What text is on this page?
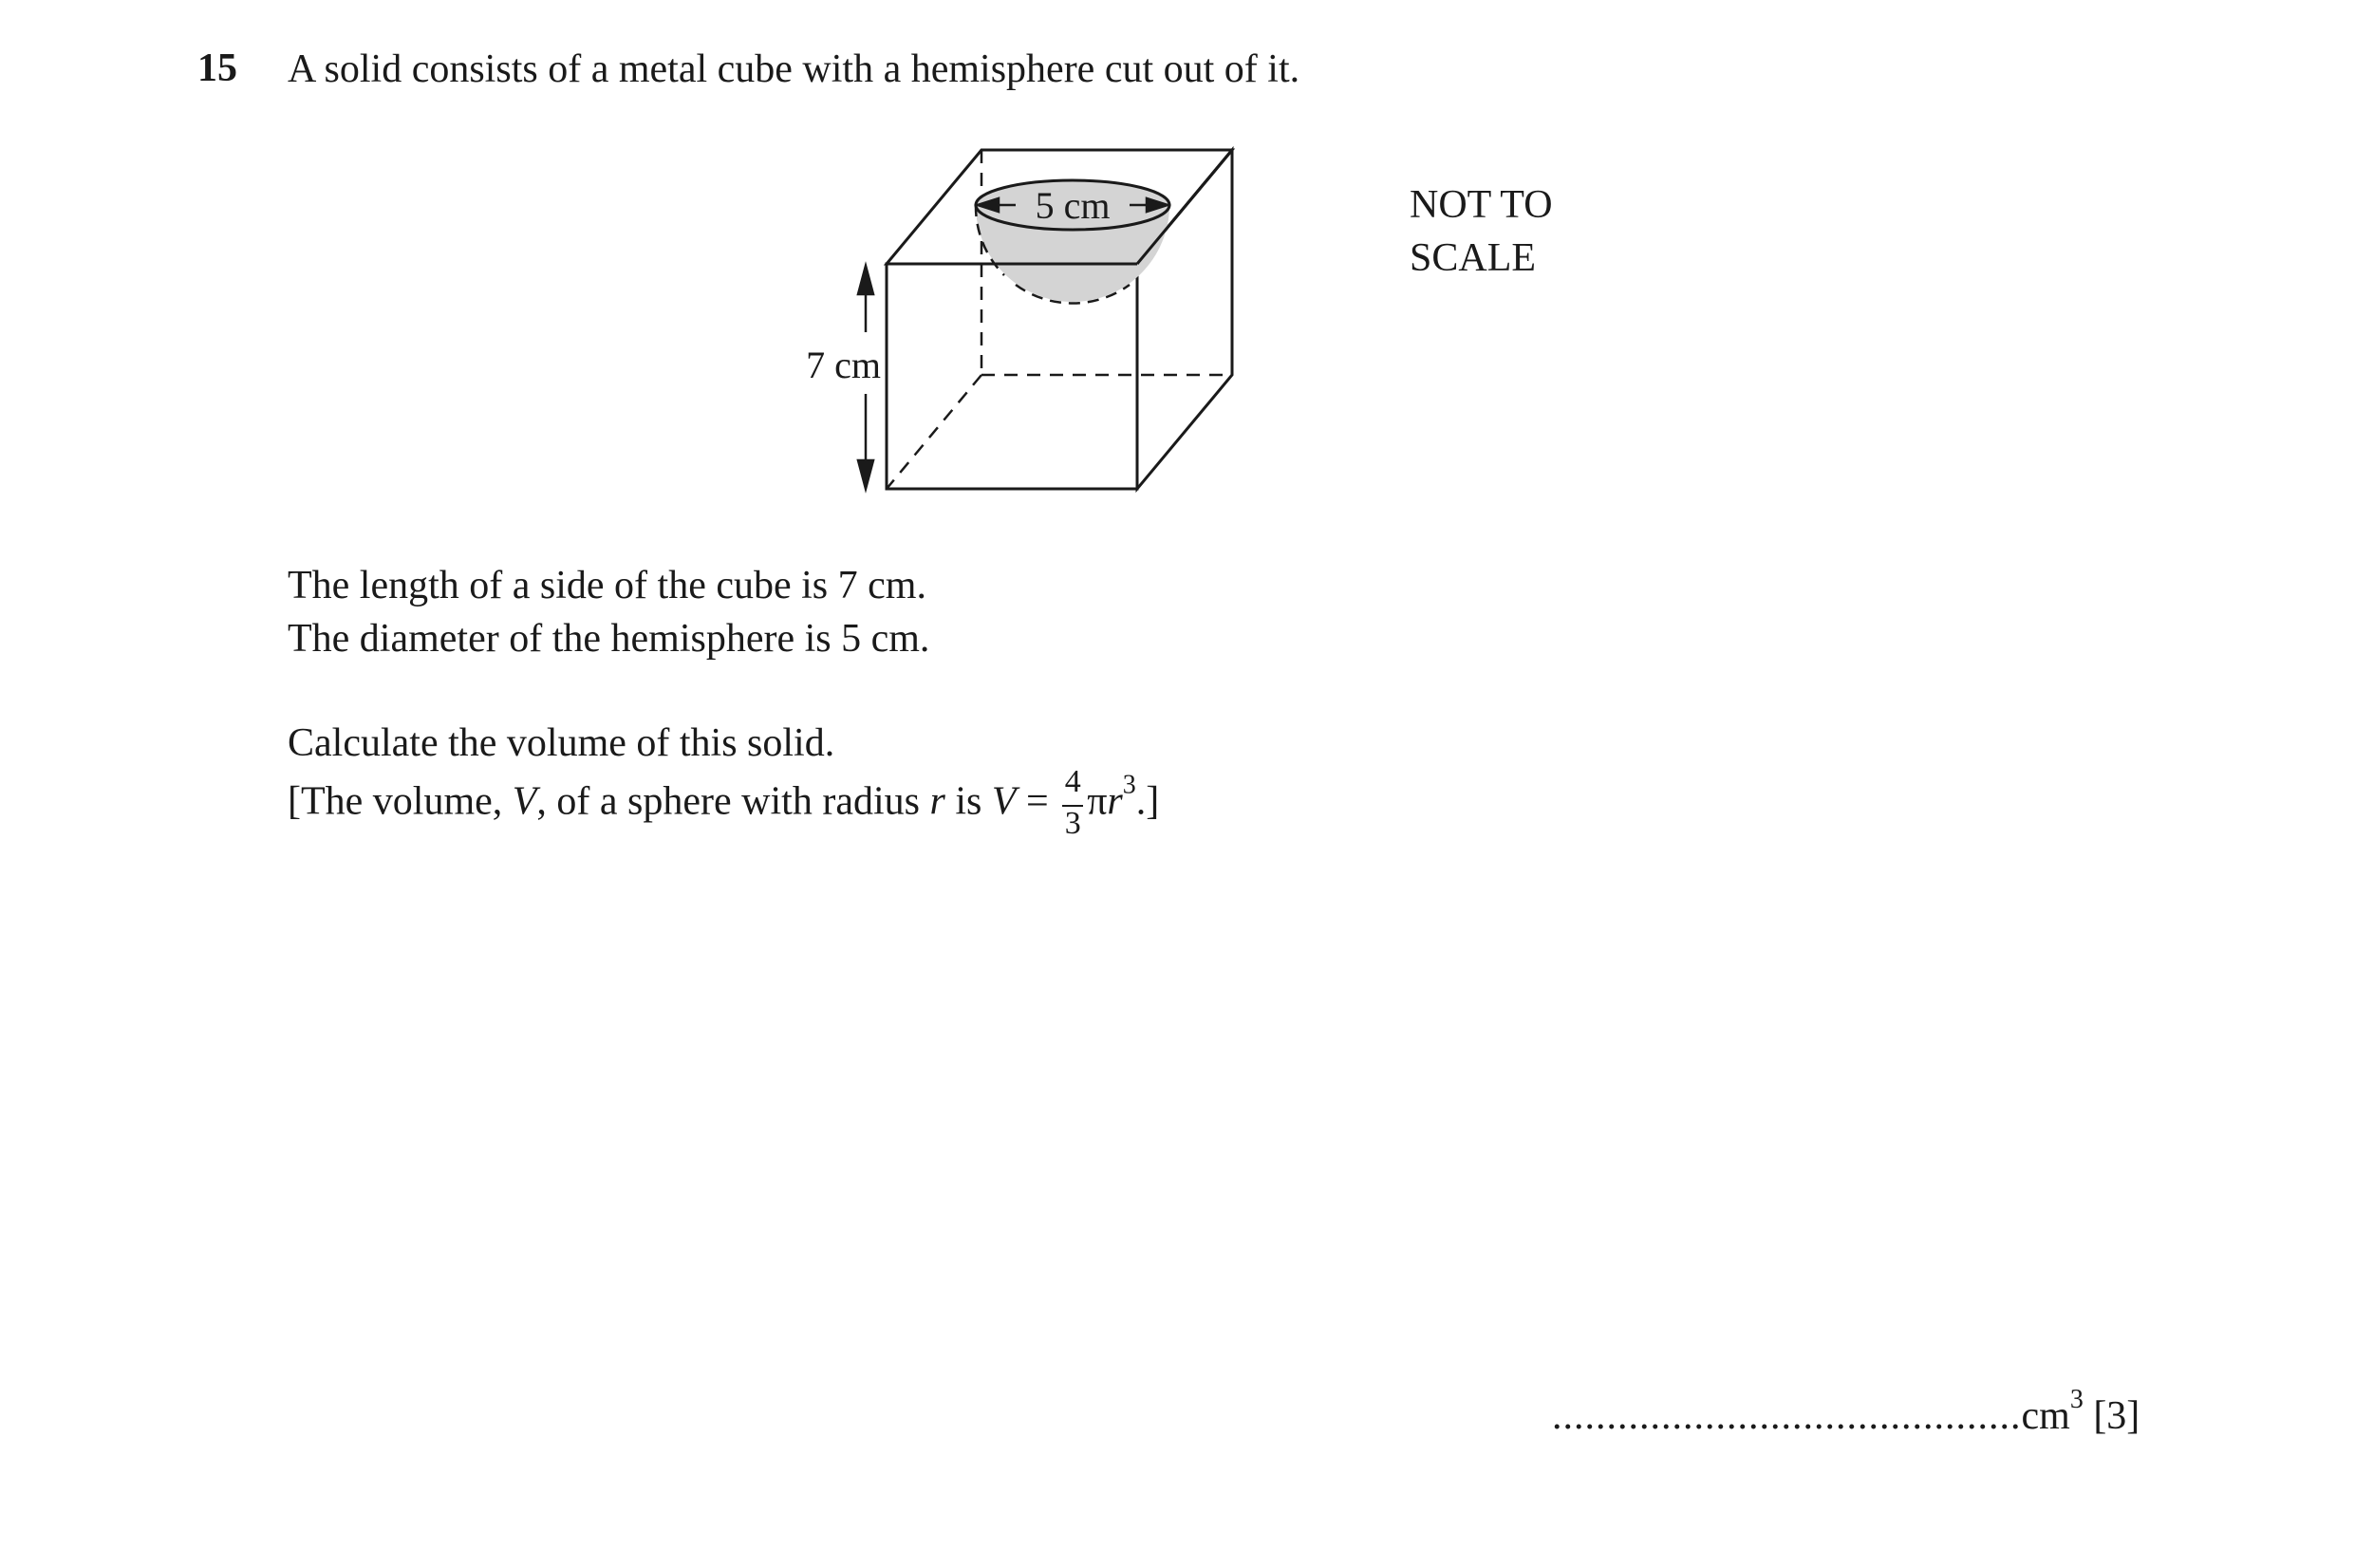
15 A solid consists of a metal cube with a hemisphere cut out of it.
5 cm
7 cm
NOT TO
SCALE
The length of a side of the cube is 7 cm.
The diameter of the hemisphere is 5 cm.
Calculate the volume of this solid.
[The volume, V, of a sphere with radius r is $V = \frac{4}{3} \pi r^3$.]
$...........................................cm^3$ [3]
